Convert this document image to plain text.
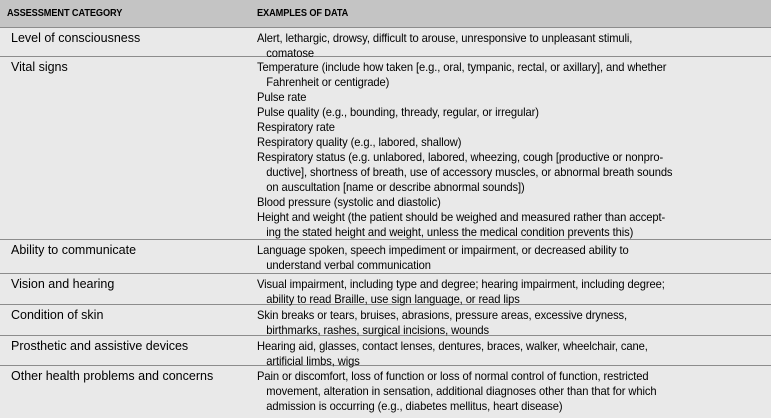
ASSESSMENT CATEGORY	EXAMPLES OF DATA
Level of consciousness	Alert, lethargic, drowsy, difficult to arouse, unresponsive to unpleasant stimuli,
comatose
Vital signs	Temperature (include how taken [e.g., oral, tympanic, rectal, or axillary], and whether
Fahrenheit or centigrade)
Pulse rate
Pulse quality (e.g., bounding, thready, regular, or irregular)
Respiratory rate
Respiratory quality (e.g., labored, shallow)
Respiratory status (e.g. unlabored, labored, wheezing, cough [productive or nonpro-
ductive], shortness of breath, use of accessory muscles, or abnormal breath sounds
on auscultation [name or describe abnormal sounds])
Blood pressure (systolic and diastolic)
Height and weight (the patient should be weighed and measured rather than accept-
ing the stated height and weight, unless the medical condition prevents this)
Ability to communicate	Language spoken, speech impediment or impairment, or decreased ability to
understand verbal communication
Vision and hearing	Visual impairment, including type and degree; hearing impairment, including degree;
ability to read Braille, use sign language, or read lips
Condition of skin	Skin breaks or tears, bruises, abrasions, pressure areas, excessive dryness,
birthmarks, rashes, surgical incisions, wounds
Prosthetic and assistive devices	Hearing aid, glasses, contact lenses, dentures, braces, walker, wheelchair, cane,
artificial limbs, wigs
Other health problems and concerns	Pain or discomfort, loss of function or loss of normal control of function, restricted
movement, alteration in sensation, additional diagnoses other than that for which
admission is occurring (e.g., diabetes mellitus, heart disease)
